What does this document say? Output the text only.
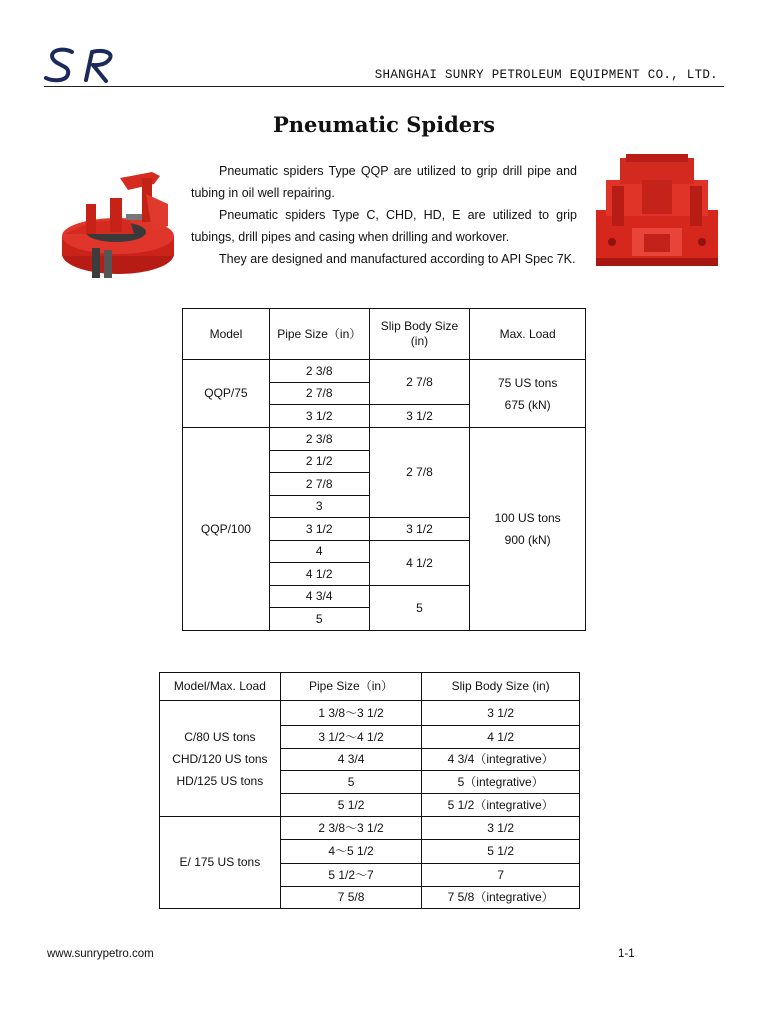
SHANGHAI SUNRY PETROLEUM EQUIPMENT CO., LTD.
Pneumatic Spiders

Pneumatic spiders Type QQP are utilized to grip drill pipe and tubing in oil well repairing.

Pneumatic spiders Type C, CHD, HD, E are utilized to grip tubings, drill pipes and casing when drilling and workover.

They are designed and manufactured according to API Spec 7K.

Model	Pipe Size（in）	Slip Body Size (in)	Max. Load
QQP/75	2 3/8	2 7/8	75 US tons
675 (kN)
	2 7/8		
	3 1/2	3 1/2	
QQP/100	2 3/8	2 7/8	100 US tons
900 (kN)
	2 1/2		
	2 7/8		
	3		
	3 1/2	3 1/2	
	4	4 1/2	
	4 1/2		
	4 3/4	5	
	5		
Model/Max. Load	Pipe Size（in）	Slip Body Size (in)
C/80 US tons
CHD/120 US tons
HD/125 US tons	1 3/8～3 1/2	3 1/2
	3 1/2～4 1/2	4 1/2
	4 3/4	4 3/4（integrative）
	5	5（integrative）
	5 1/2	5 1/2（integrative）
E/ 175 US tons	2 3/8～3 1/2	3 1/2
	4～5 1/2	5 1/2
	5 1/2～7	7
	7 5/8	7 5/8（integrative）
www.sunrypetro.com	1-1
